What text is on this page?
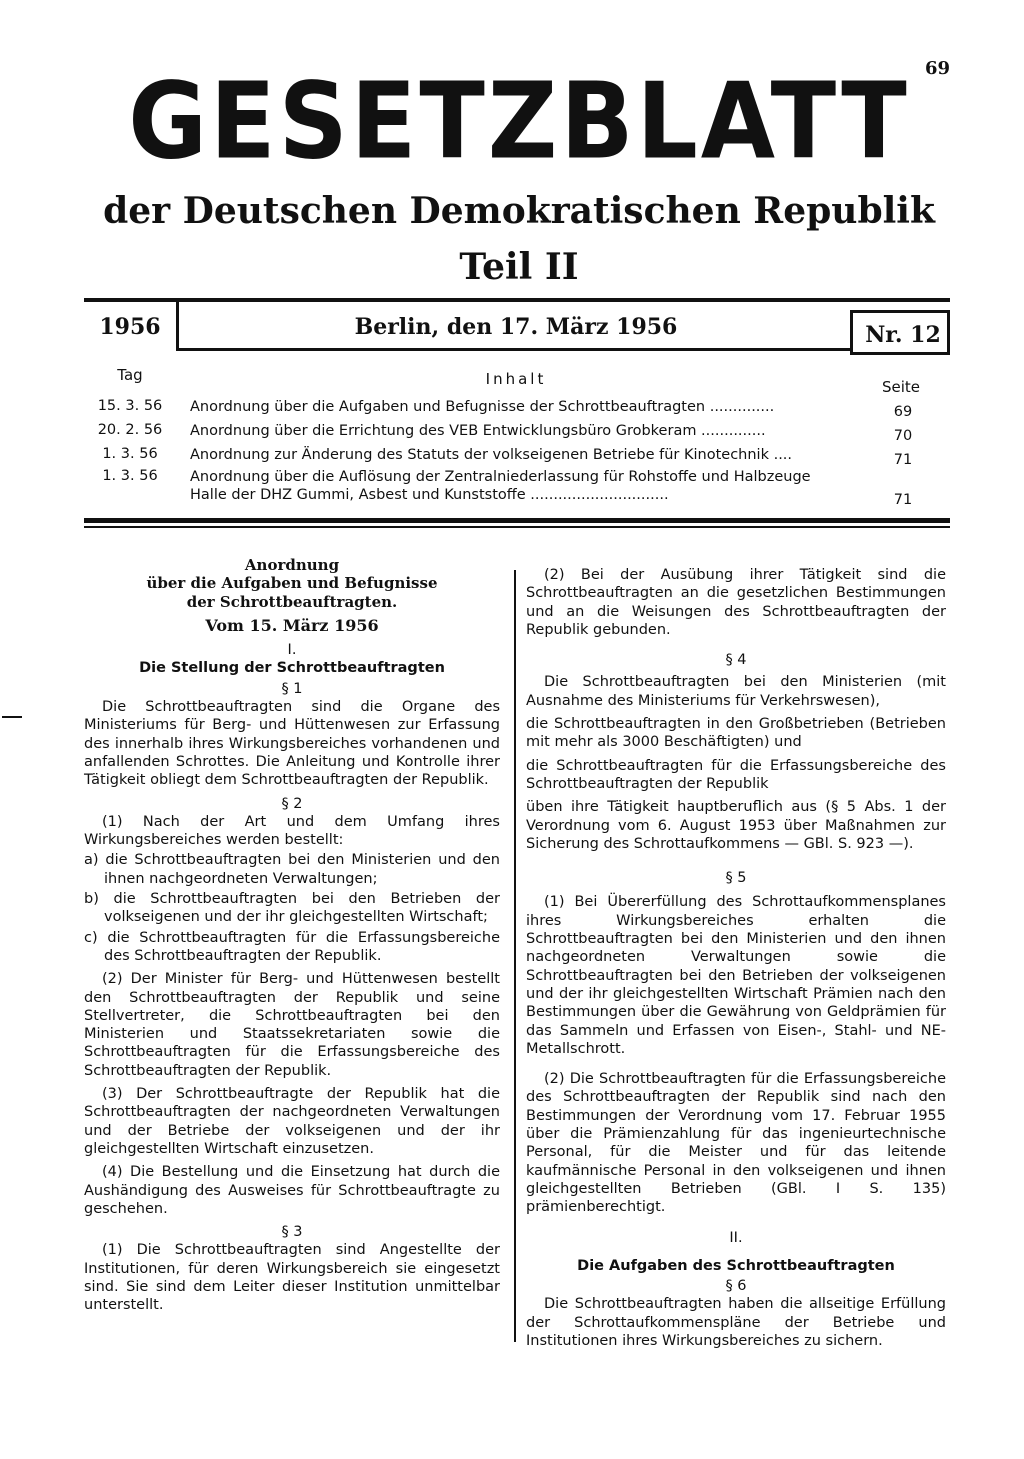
69
GESETZBLATT
der Deutschen Demokratischen Republik
Teil II
1956	Berlin, den 17. März 1956	Nr. 12
Tag	Inhalt	Seite
15. 3. 56	Anordnung über die Aufgaben und Befugnisse der Schrottbeauftragten ..............	69
20. 2. 56	Anordnung über die Errichtung des VEB Entwicklungsbüro Grobkeram ..............	70
1. 3. 56	Anordnung zur Änderung des Statuts der volkseigenen Betriebe für Kinotechnik ....	71
1. 3. 56	Anordnung über die Auflösung der Zentralniederlassung für Rohstoffe und Halbzeuge Halle der DHZ Gummi, Asbest und Kunststoffe ..............................	71

Anordnung

über die Aufgaben und Befugnisse

der Schrottbeauftragten.

Vom 15. März 1956

I.

Die Stellung der Schrottbeauftragten

§ 1

Die Schrottbeauftragten sind die Organe des Ministeriums für Berg- und Hüttenwesen zur Erfassung des innerhalb ihres Wirkungsbereiches vorhandenen und anfallenden Schrottes. Die Anleitung und Kontrolle ihrer Tätigkeit obliegt dem Schrottbeauftragten der Republik.

§ 2

(1) Nach der Art und dem Umfang ihres Wirkungsbereiches werden bestellt:

a) die Schrottbeauftragten bei den Ministerien und den ihnen nachgeordneten Verwaltungen;

b) die Schrottbeauftragten bei den Betrieben der volkseigenen und der ihr gleichgestellten Wirtschaft;

c) die Schrottbeauftragten für die Erfassungsbereiche des Schrottbeauftragten der Republik.

(2) Der Minister für Berg- und Hüttenwesen bestellt den Schrottbeauftragten der Republik und seine Stellvertreter, die Schrottbeauftragten bei den Ministerien und Staatssekretariaten sowie die Schrottbeauftragten für die Erfassungsbereiche des Schrottbeauftragten der Republik.

(3) Der Schrottbeauftragte der Republik hat die Schrottbeauftragten der nachgeordneten Verwaltungen und der Betriebe der volkseigenen und der ihr gleichgestellten Wirtschaft einzusetzen.

(4) Die Bestellung und die Einsetzung hat durch die Aushändigung des Ausweises für Schrottbeauftragte zu geschehen.

§ 3

(1) Die Schrottbeauftragten sind Angestellte der Institutionen, für deren Wirkungsbereich sie eingesetzt sind. Sie sind dem Leiter dieser Institution unmittelbar unterstellt.

(2) Bei der Ausübung ihrer Tätigkeit sind die Schrottbeauftragten an die gesetzlichen Bestimmungen und an die Weisungen des Schrottbeauftragten der Republik gebunden.

§ 4

Die Schrottbeauftragten bei den Ministerien (mit Ausnahme des Ministeriums für Verkehrswesen),

die Schrottbeauftragten in den Großbetrieben (Betrieben mit mehr als 3000 Beschäftigten) und

die Schrottbeauftragten für die Erfassungsbereiche des Schrottbeauftragten der Republik

üben ihre Tätigkeit hauptberuflich aus (§ 5 Abs. 1 der Verordnung vom 6. August 1953 über Maßnahmen zur Sicherung des Schrottaufkommens — GBl. S. 923 —).

§ 5

(1) Bei Übererfüllung des Schrottaufkommensplanes ihres Wirkungsbereiches erhalten die Schrottbeauftragten bei den Ministerien und den ihnen nachgeordneten Verwaltungen sowie die Schrottbeauftragten bei den Betrieben der volkseigenen und der ihr gleichgestellten Wirtschaft Prämien nach den Bestimmungen über die Gewährung von Geldprämien für das Sammeln und Erfassen von Eisen-, Stahl- und NE-Metallschrott.

(2) Die Schrottbeauftragten für die Erfassungsbereiche des Schrottbeauftragten der Republik sind nach den Bestimmungen der Verordnung vom 17. Februar 1955 über die Prämienzahlung für das ingenieurtechnische Personal, für die Meister und für das leitende kaufmännische Personal in den volkseigenen und ihnen gleichgestellten Betrieben (GBl. I S. 135) prämienberechtigt.

II.

Die Aufgaben des Schrottbeauftragten

§ 6

Die Schrottbeauftragten haben die allseitige Erfüllung der Schrottaufkommenspläne der Betriebe und Institutionen ihres Wirkungsbereiches zu sichern.
